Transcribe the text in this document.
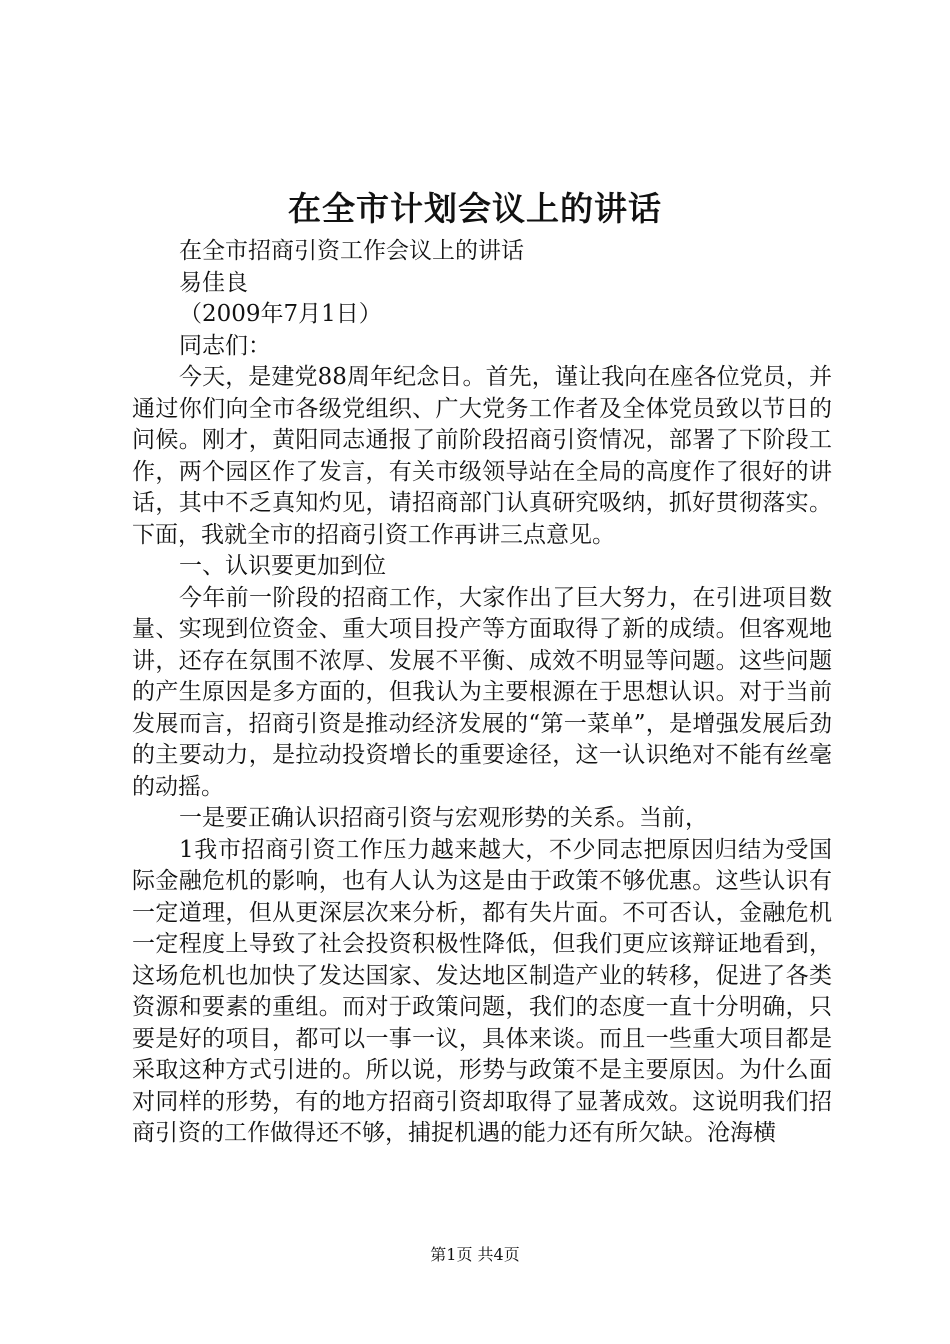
在全市计划会议上的讲话

在全市招商引资工作会议上的讲话

易佳良

（2009年7月1日）

同志们：

今天，是建党88周年纪念日。首先，谨让我向在座各位党员，并通过你们向全市各级党组织、广大党务工作者及全体党员致以节日的问候。刚才，黄阳同志通报了前阶段招商引资情况，部署了下阶段工作，两个园区作了发言，有关市级领导站在全局的高度作了很好的讲话，其中不乏真知灼见，请招商部门认真研究吸纳，抓好贯彻落实。下面，我就全市的招商引资工作再讲三点意见。

一、认识要更加到位

今年前一阶段的招商工作，大家作出了巨大努力，在引进项目数量、实现到位资金、重大项目投产等方面取得了新的成绩。但客观地讲，还存在氛围不浓厚、发展不平衡、成效不明显等问题。这些问题的产生原因是多方面的，但我认为主要根源在于思想认识。对于当前发展而言，招商引资是推动经济发展的“第一菜单”，是增强发展后劲的主要动力，是拉动投资增长的重要途径，这一认识绝对不能有丝毫的动摇。

一是要正确认识招商引资与宏观形势的关系。当前，

1我市招商引资工作压力越来越大，不少同志把原因归结为受国际金融危机的影响，也有人认为这是由于政策不够优惠。这些认识有一定道理，但从更深层次来分析，都有失片面。不可否认，金融危机一定程度上导致了社会投资积极性降低，但我们更应该辩证地看到，这场危机也加快了发达国家、发达地区制造产业的转移，促进了各类资源和要素的重组。而对于政策问题，我们的态度一直十分明确，只要是好的项目，都可以一事一议，具体来谈。而且一些重大项目都是采取这种方式引进的。所以说，形势与政策不是主要原因。为什么面对同样的形势，有的地方招商引资却取得了显著成效。这说明我们招商引资的工作做得还不够，捕捉机遇的能力还有所欠缺。沧海横

第1页 共4页
